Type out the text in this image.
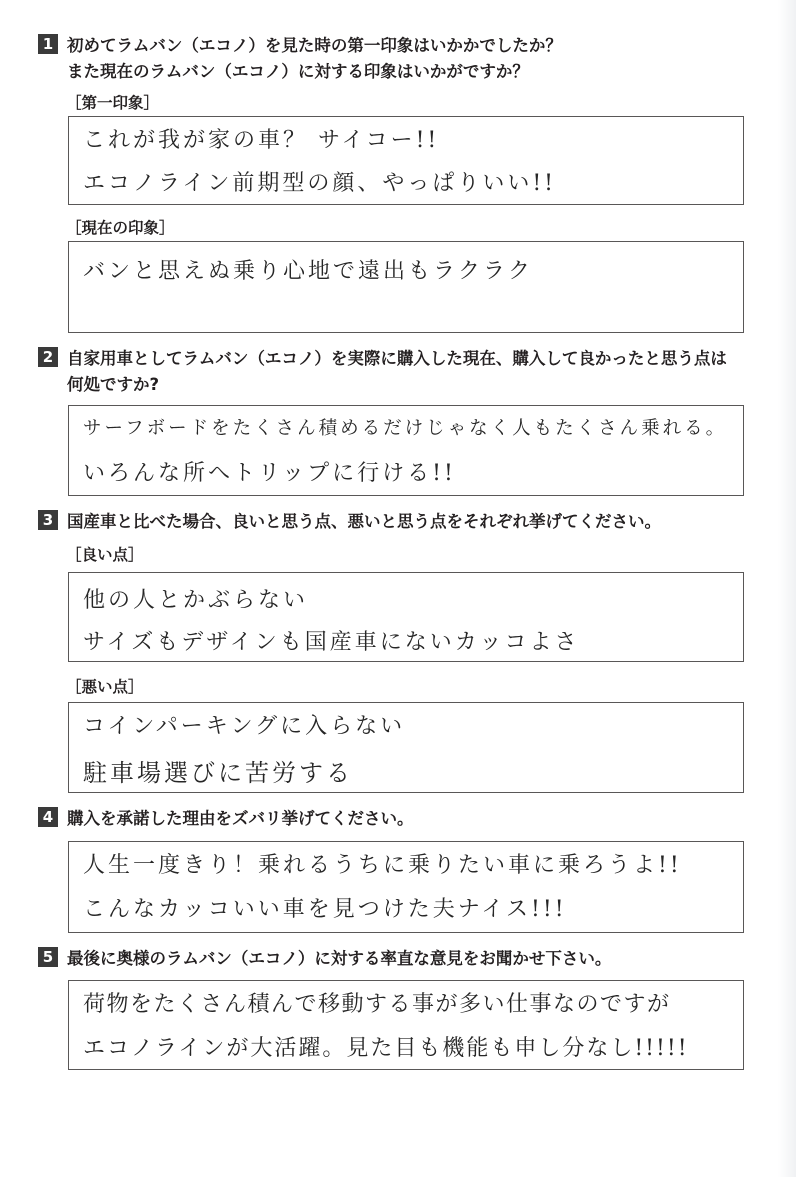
1 初めてラムバン（エコノ）を見た時の第一印象はいかかでしたか？
また現在のラムバン（エコノ）に対する印象はいかがですか？
［第一印象］
これが我が家の車？ サイコー!!
エコノライン前期型の顔、やっぱりいい!!
［現在の印象］
バンと思えぬ乗り心地で遠出もラクラク
2 自家用車としてラムバン（エコノ）を実際に購入した現在、購入して良かったと思う点は
何処ですか?
サーフボードをたくさん積めるだけじゃなく人もたくさん乗れる。
いろんな所へトリップに行ける!!
3 国産車と比べた場合、良いと思う点、悪いと思う点をそれぞれ挙げてください。
［良い点］
他の人とかぶらない
サイズもデザインも国産車にないカッコよさ
［悪い点］
コインパーキングに入らない
駐車場選びに苦労する
4 購入を承諾した理由をズバリ挙げてください。
人生一度きり！乗れるうちに乗りたい車に乗ろうよ!!
こんなカッコいい車を見つけた夫ナイス!!!
5 最後に奥様のラムバン（エコノ）に対する率直な意見をお聞かせ下さい。
荷物をたくさん積んで移動する事が多い仕事なのですが
エコノラインが大活躍。見た目も機能も申し分なし!!!!!
